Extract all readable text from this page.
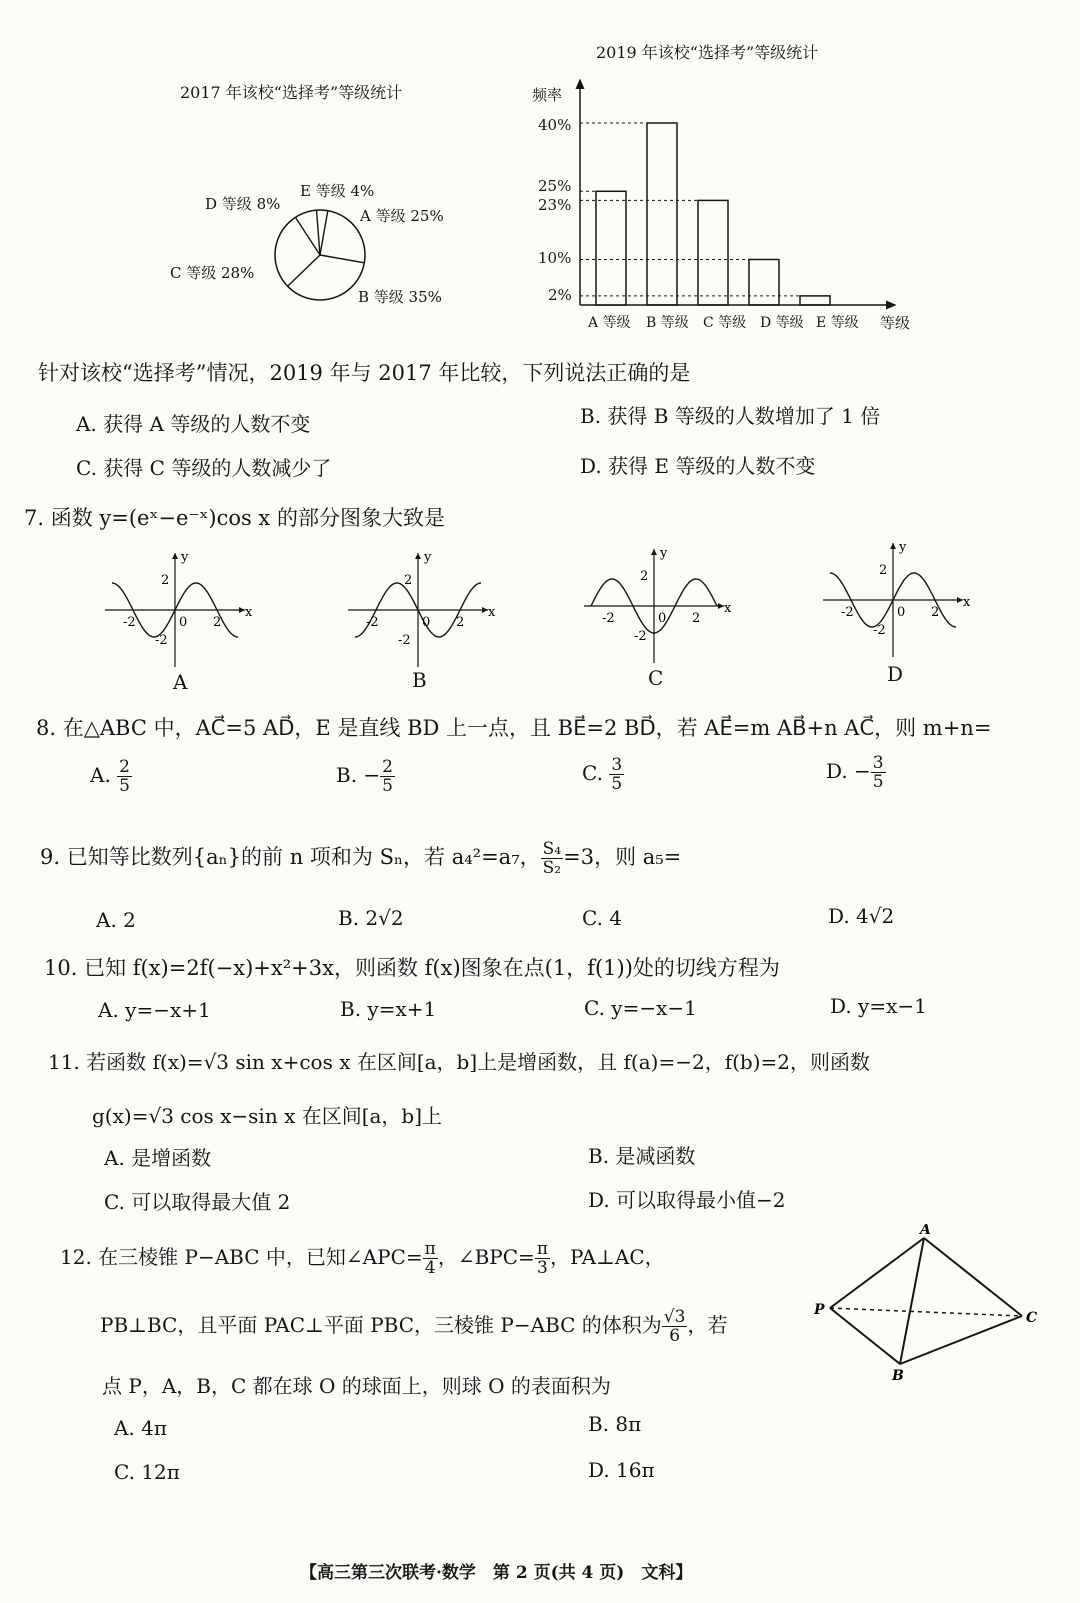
2017 年该校“选择考”等级统计
A 等级 25%
B 等级 35%
C 等级 28%
D 等级 8%
E 等级 4%
2019 年该校“选择考”等级统计
频率
等级
40%
25%
23%
10%
2%
A 等级 B 等级 C 等级 D 等级 E 等级
针对该校“选择考”情况，2019 年与 2017 年比较，下列说法正确的是
A. 获得 A 等级的人数不变	B. 获得 B 等级的人数增加了 1 倍
C. 获得 C 等级的人数减少了	D. 获得 E 等级的人数不变
7. 函数 y=(eˣ−e⁻ˣ)cos x 的部分图象大致是
2
-2	0
2
-2
x
y
2
-2	0
2
-2
x
y
2
-2	0
2
-2
x
y
2
-2	0
2
-2
x
y
A	B	C	D
8. 在△ABC 中，AC⃗=5 AD⃗，E 是直线 BD 上一点，且 BE⃗=2 BD⃗，若 AE⃗=m AB⃗+n AC⃗，则 m+n=
A. $\frac{2}{5}$	B. − $\frac{2}{5}$	C. $\frac{3}{5}$	D. − $\frac{3}{5}$
9. 已知等比数列{aₙ}的前 n 项和为 Sₙ，若 a₄²=a₇， $\frac{\text{S₄}}{\text{S₂}} =3$，则 a₅=
A. 2	B. 2√2	C. 4	D. 4√2
10. 已知 f(x)=2f(−x)+x²+3x，则函数 f(x)图象在点(1，f(1))处的切线方程为
A. y=−x+1	B. y=x+1	C. y=−x−1	D. y=x−1
11. 若函数 f(x)=√3 sin x+cos x 在区间[a，b]上是增函数，且 f(a)=−2，f(b)=2，则函数
g(x)=√3 cos x−sin x 在区间[a，b]上
A. 是增函数	B. 是减函数
C. 可以取得最大值 2	D. 可以取得最小值−2
12. 在三棱锥 P−ABC 中，已知∠APC= $\frac{\pi}{4}$ ，∠BPC= $\frac{\pi}{3}$ ，PA⊥AC，
PB⊥BC，且平面 PAC⊥平面 PBC，三棱锥 P−ABC 的体积为 $\frac{√3}{6}$ ，若
点 P，A，B，C 都在球 O 的球面上，则球 O 的表面积为
A. 4π	B. 8π
C. 12π	D. 16π
A
P	C
B
【高三第三次联考·数学　第 2 页(共 4 页)　文科】
